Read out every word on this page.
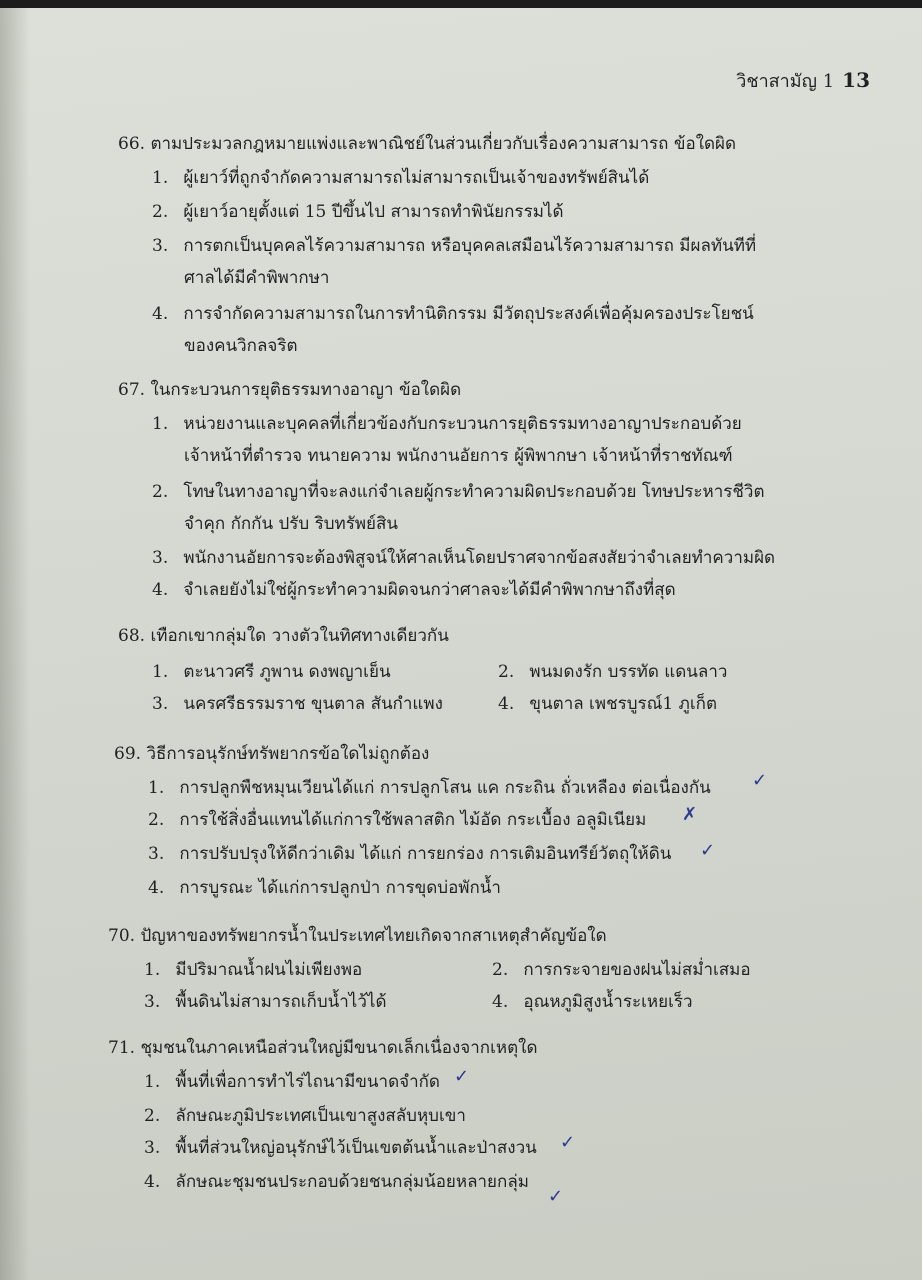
วิชาสามัญ 1 13
66. ตามประมวลกฎหมายแพ่งและพาณิชย์ในส่วนเกี่ยวกับเรื่องความสามารถ ข้อใดผิด
1. ผู้เยาว์ที่ถูกจำกัดความสามารถไม่สามารถเป็นเจ้าของทรัพย์สินได้
2. ผู้เยาว์อายุตั้งแต่ 15 ปีขึ้นไป สามารถทำพินัยกรรมได้
3. การตกเป็นบุคคลไร้ความสามารถ หรือบุคคลเสมือนไร้ความสามารถ มีผลทันทีที่
ศาลได้มีคำพิพากษา
4. การจำกัดความสามารถในการทำนิติกรรม มีวัตถุประสงค์เพื่อคุ้มครองประโยชน์
ของคนวิกลจริต
67. ในกระบวนการยุติธรรมทางอาญา ข้อใดผิด
1. หน่วยงานและบุคคลที่เกี่ยวข้องกับกระบวนการยุติธรรมทางอาญาประกอบด้วย
เจ้าหน้าที่ตำรวจ ทนายความ พนักงานอัยการ ผู้พิพากษา เจ้าหน้าที่ราชทัณฑ์
2. โทษในทางอาญาที่จะลงแก่จำเลยผู้กระทำความผิดประกอบด้วย โทษประหารชีวิต
จำคุก กักกัน ปรับ ริบทรัพย์สิน
3. พนักงานอัยการจะต้องพิสูจน์ให้ศาลเห็นโดยปราศจากข้อสงสัยว่าจำเลยทำความผิด
4. จำเลยยังไม่ใช่ผู้กระทำความผิดจนกว่าศาลจะได้มีคำพิพากษาถึงที่สุด
68. เทือกเขากลุ่มใด วางตัวในทิศทางเดียวกัน
1. ตะนาวศรี ภูพาน ดงพญาเย็น	2. พนมดงรัก บรรทัด แดนลาว
3. นครศรีธรรมราช ขุนตาล สันกำแพง	4. ขุนตาล เพชรบูรณ์1 ภูเก็ต
69. วิธีการอนุรักษ์ทรัพยากรข้อใดไม่ถูกต้อง
1. การปลูกพืชหมุนเวียนได้แก่ การปลูกโสน แค กระถิน ถั่วเหลือง ต่อเนื่องกัน ✓
2. การใช้สิ่งอื่นแทนได้แก่การใช้พลาสติก ไม้อัด กระเบื้อง อลูมิเนียม ✗
3. การปรับปรุงให้ดีกว่าเดิม ได้แก่ การยกร่อง การเติมอินทรีย์วัตถุให้ดิน ✓
4. การบูรณะ ได้แก่การปลูกป่า การขุดบ่อพักน้ำ
70. ปัญหาของทรัพยากรน้ำในประเทศไทยเกิดจากสาเหตุสำคัญข้อใด
1. มีปริมาณน้ำฝนไม่เพียงพอ	2. การกระจายของฝนไม่สม่ำเสมอ
3. พื้นดินไม่สามารถเก็บน้ำไว้ได้	4. อุณหภูมิสูงน้ำระเหยเร็ว
71. ชุมชนในภาคเหนือส่วนใหญ่มีขนาดเล็กเนื่องจากเหตุใด
1. พื้นที่เพื่อการทำไร่ไถนามีขนาดจำกัด ✓
2. ลักษณะภูมิประเทศเป็นเขาสูงสลับหุบเขา
3. พื้นที่ส่วนใหญ่อนุรักษ์ไว้เป็นเขตต้นน้ำและป่าสงวน ✓
4. ลักษณะชุมชนประกอบด้วยชนกลุ่มน้อยหลายกลุ่ม
✓
